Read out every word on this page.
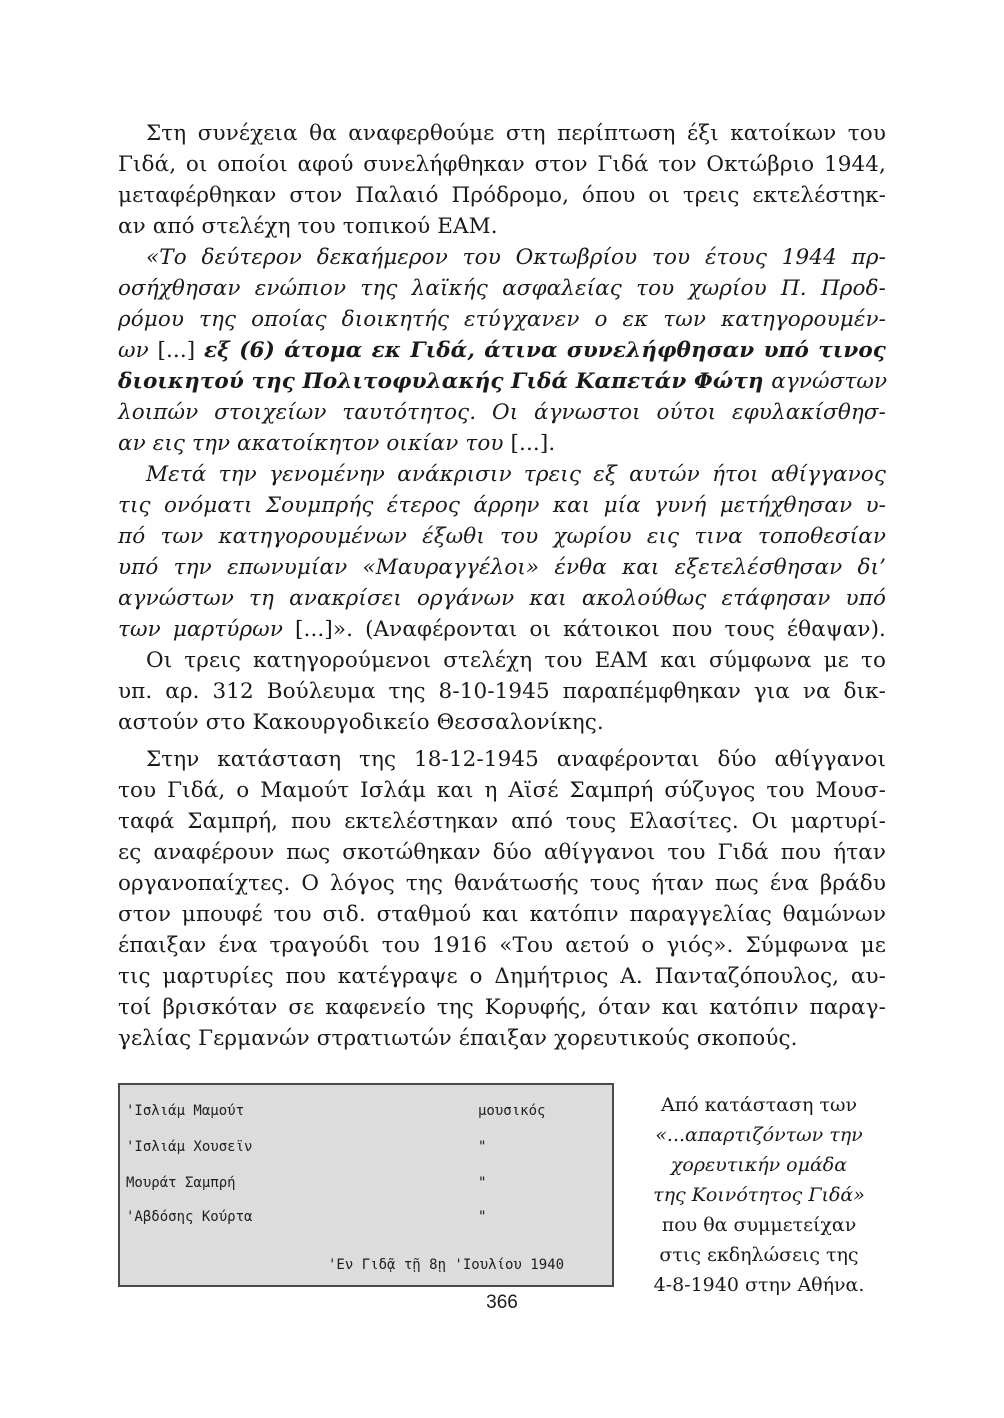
Στη συνέχεια θα αναφερθούμε στη περίπτωση έξι κατοίκων του
Γιδά, οι οποίοι αφού συνελήφθηκαν στον Γιδά τον Οκτώβριο 1944,
μεταφέρθηκαν στον Παλαιό Πρόδρομο, όπου οι τρεις εκτελέστηκ-
αν από στελέχη του τοπικού ΕΑΜ.
«Το δεύτερον δεκαήμερον του Οκτωβρίου του έτους 1944 πρ-
οσήχθησαν ενώπιον της λαϊκής ασφαλείας του χωρίου Π. Προδ-
ρόμου της οποίας διοικητής ετύγχανεν ο εκ των κατηγορουμέν-
ων [...] εξ (6) άτομα εκ Γιδά, άτινα συνελήφθησαν υπό τινος
διοικητού της Πολιτοφυλακής Γιδά Καπετάν Φώτη αγνώστων
λοιπών στοιχείων ταυτότητος. Οι άγνωστοι ούτοι εφυλακίσθησ-
αν εις την ακατοίκητον οικίαν του [...].
Μετά την γενομένην ανάκρισιν τρεις εξ αυτών ήτοι αθίγγανος
τις ονόματι Σουμπρής έτερος άρρην και μία γυνή μετήχθησαν υ-
πό των κατηγορουμένων έξωθι του χωρίου εις τινα τοποθεσίαν
υπό την επωνυμίαν «Μαυραγγέλοι» ένθα και εξετελέσθησαν δι’
αγνώστων τη ανακρίσει οργάνων και ακολούθως ετάφησαν υπό
των μαρτύρων [...]». (Αναφέρονται οι κάτοικοι που τους έθαψαν).
Οι τρεις κατηγορούμενοι στελέχη του ΕΑΜ και σύμφωνα με το
υπ. αρ. 312 Βούλευμα της 8-10-1945 παραπέμφθηκαν για να δικ-
αστούν στο Κακουργοδικείο Θεσσαλονίκης.
Στην κατάσταση της 18-12-1945 αναφέρονται δύο αθίγγανοι
του Γιδά, ο Μαμούτ Ισλάμ και η Αϊσέ Σαμπρή σύζυγος του Μουσ-
ταφά Σαμπρή, που εκτελέστηκαν από τους Ελασίτες. Οι μαρτυρί-
ες αναφέρουν πως σκοτώθηκαν δύο αθίγγανοι του Γιδά που ήταν
οργανοπαίχτες. Ο λόγος της θανάτωσής τους ήταν πως ένα βράδυ
στον μπουφέ του σιδ. σταθμού και κατόπιν παραγγελίας θαμώνων
έπαιξαν ένα τραγούδι του 1916 «Του αετού ο γιός». Σύμφωνα με
τις μαρτυρίες που κατέγραψε ο Δημήτριος Α. Πανταζόπουλος, αυ-
τοί βρισκόταν σε καφενείο της Κορυφής, όταν και κατόπιν παραγ-
γελίας Γερμανών στρατιωτών έπαιξαν χορευτικούς σκοπούς.
'Ισλιάμ Μαμούτ	μουσικός
'Ισλιάμ Χουσεϊν	"
Μουράτ Σαμπρή	"
'Αβδόσης Κούρτα	"
'Εν Γιδᾷ τῇ 8ῃ 'Ιουλίου 1940
Από κατάσταση των
«...απαρτιζόντων την
χορευτικήν ομάδα
της Κοινότητος Γιδά»
που θα συμμετείχαν
στις εκδηλώσεις της
4-8-1940 στην Αθήνα.
366
